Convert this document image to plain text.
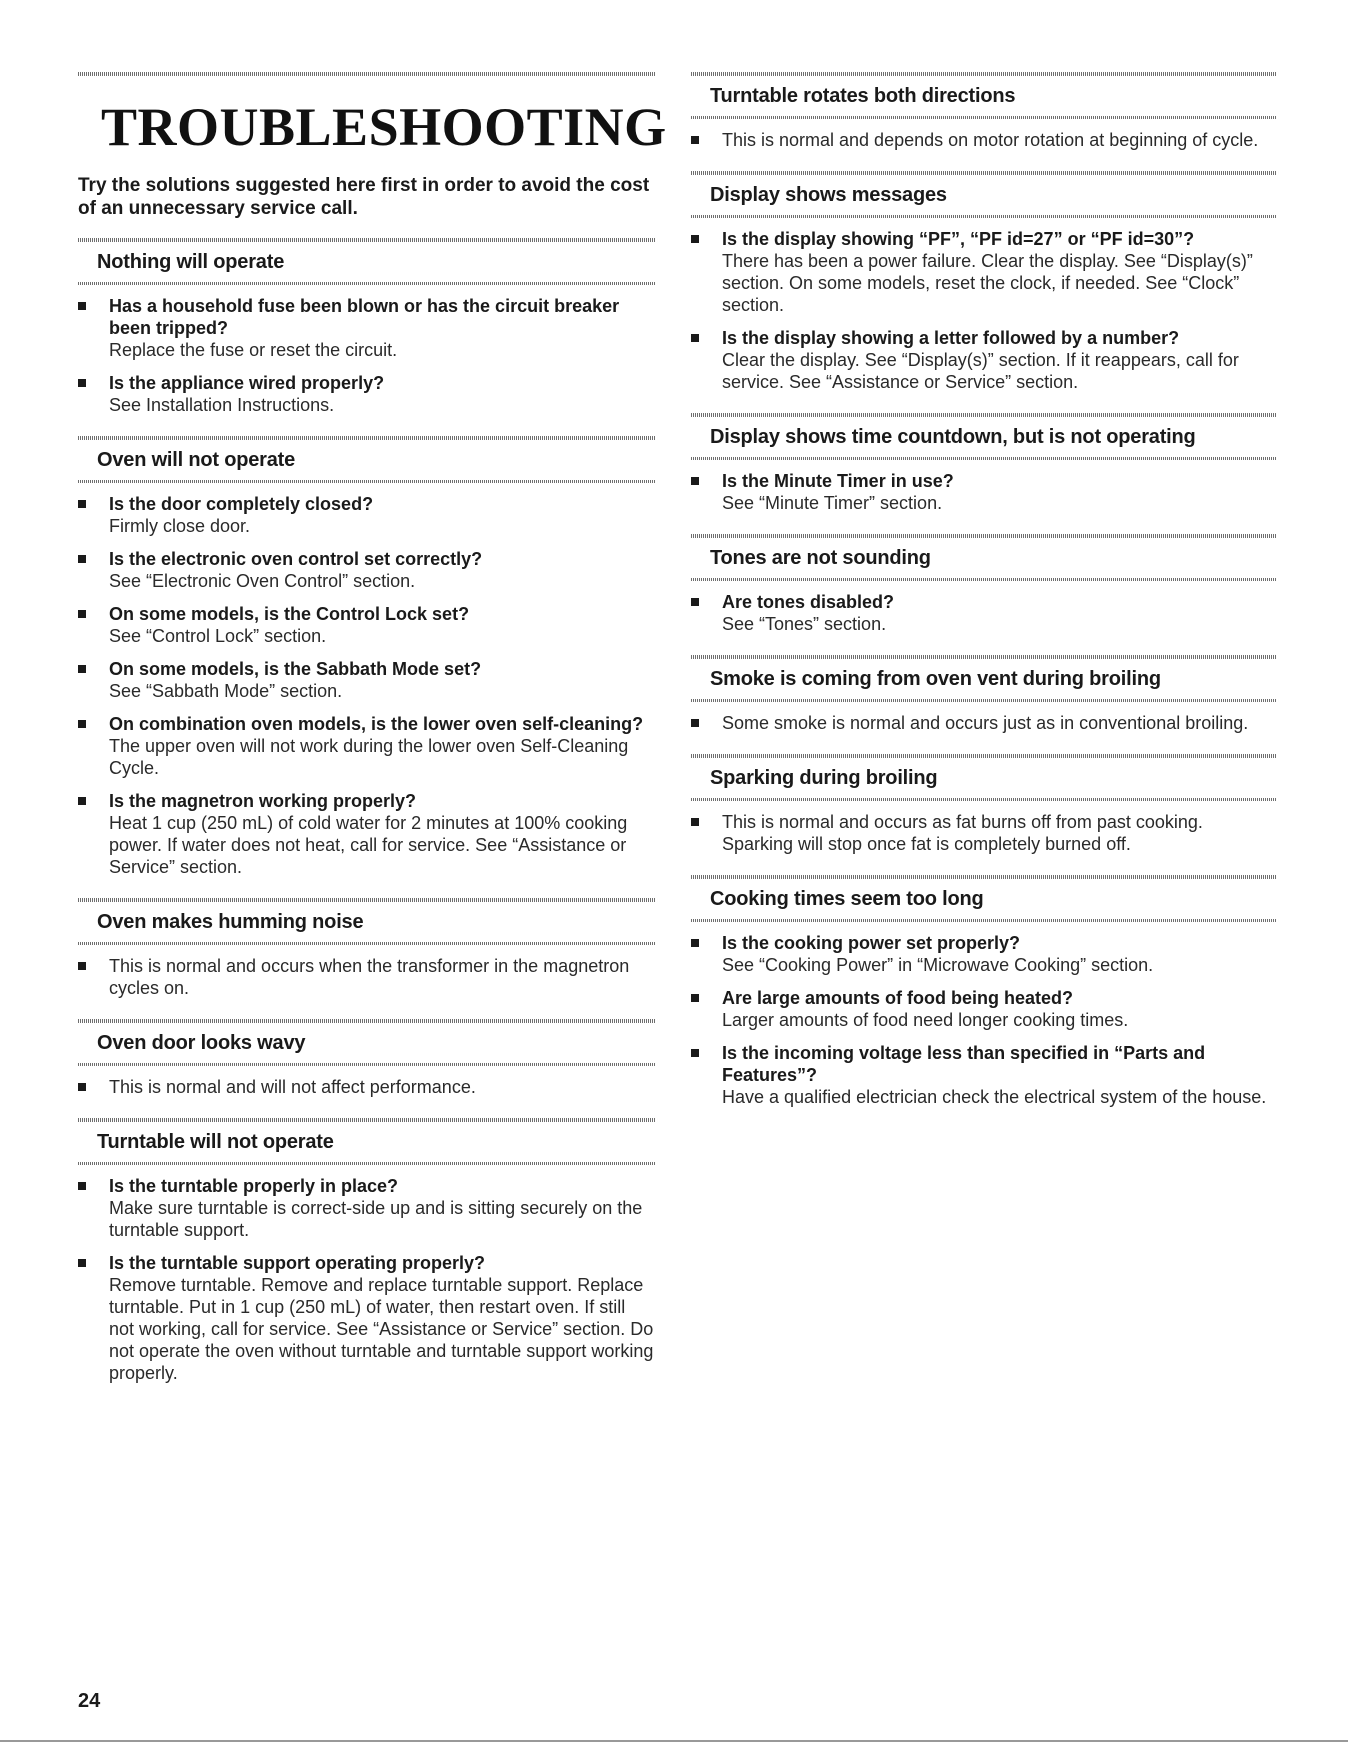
TROUBLESHOOTING

Try the solutions suggested here first in order to avoid the cost of an unnecessary service call.

Nothing will operate
Has a household fuse been blown or has the circuit breaker been tripped?
Replace the fuse or reset the circuit.
Is the appliance wired properly?
See Installation Instructions.
Oven will not operate
Is the door completely closed?
Firmly close door.
Is the electronic oven control set correctly?
See “Electronic Oven Control” section.
On some models, is the Control Lock set?
See “Control Lock” section.
On some models, is the Sabbath Mode set?
See “Sabbath Mode” section.
On combination oven models, is the lower oven self-cleaning?
The upper oven will not work during the lower oven Self-Cleaning Cycle.
Is the magnetron working properly?
Heat 1 cup (250 mL) of cold water for 2 minutes at 100% cooking power. If water does not heat, call for service. See “Assistance or Service” section.
Oven makes humming noise
This is normal and occurs when the transformer in the magnetron cycles on.
Oven door looks wavy
This is normal and will not affect performance.
Turntable will not operate
Is the turntable properly in place?
Make sure turntable is correct-side up and is sitting securely on the turntable support.
Is the turntable support operating properly?
Remove turntable. Remove and replace turntable support. Replace turntable. Put in 1 cup (250 mL) of water, then restart oven. If still not working, call for service. See “Assistance or Service” section. Do not operate the oven without turntable and turntable support working properly.
Turntable rotates both directions
This is normal and depends on motor rotation at beginning of cycle.
Display shows messages
Is the display showing “PF”, “PF id=27” or “PF id=30”?
There has been a power failure. Clear the display. See “Display(s)” section. On some models, reset the clock, if needed. See “Clock” section.
Is the display showing a letter followed by a number?
Clear the display. See “Display(s)” section. If it reappears, call for service. See “Assistance or Service” section.
Display shows time countdown, but is not operating
Is the Minute Timer in use?
See “Minute Timer” section.
Tones are not sounding
Are tones disabled?
See “Tones” section.
Smoke is coming from oven vent during broiling
Some smoke is normal and occurs just as in conventional broiling.
Sparking during broiling
This is normal and occurs as fat burns off from past cooking. Sparking will stop once fat is completely burned off.
Cooking times seem too long
Is the cooking power set properly?
See “Cooking Power” in “Microwave Cooking” section.
Are large amounts of food being heated?
Larger amounts of food need longer cooking times.
Is the incoming voltage less than specified in “Parts and Features”?
Have a qualified electrician check the electrical system of the house.
24
